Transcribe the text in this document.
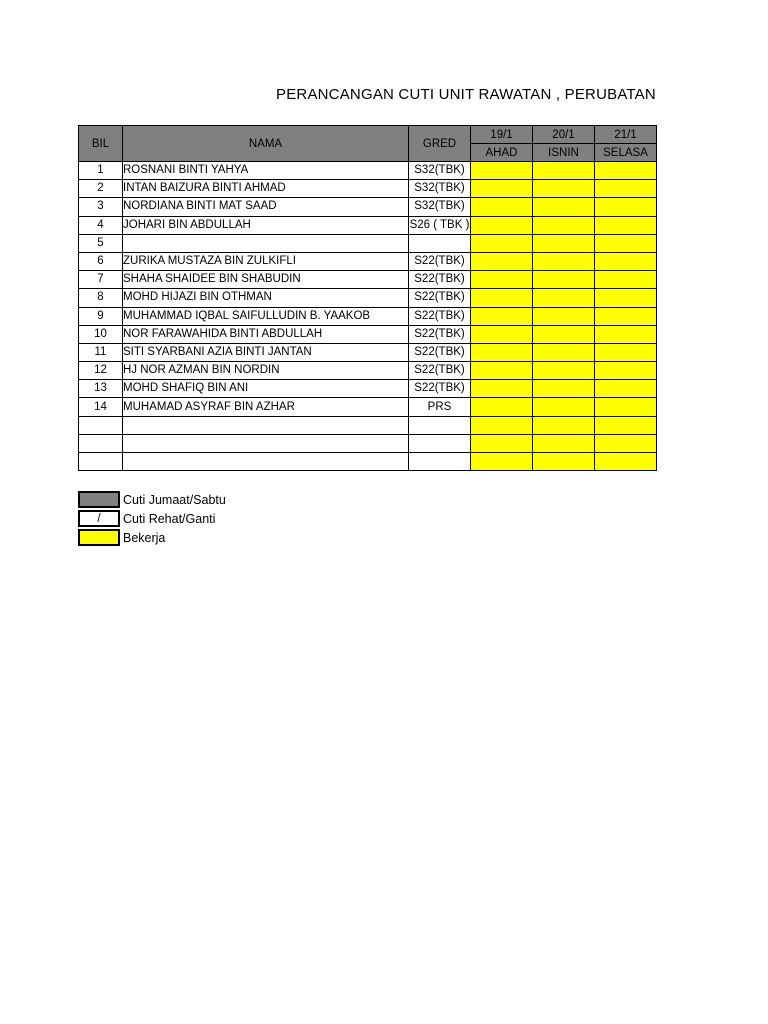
PERANCANGAN CUTI UNIT RAWATAN , PERUBATAN
BIL	NAMA	GRED	19/1	20/1	21/1
			AHAD	ISNIN	SELASA
1	ROSNANI BINTI YAHYA	S32(TBK)			
2	INTAN BAIZURA BINTI AHMAD	S32(TBK)			
3	NORDIANA BINTI MAT SAAD	S32(TBK)			
4	JOHARI BIN ABDULLAH	S26 ( TBK )			
5					
6	ZURIKA MUSTAZA BIN ZULKIFLI	S22(TBK)			
7	SHAHA SHAIDEE BIN SHABUDIN	S22(TBK)			
8	MOHD HIJAZI BIN OTHMAN	S22(TBK)			
9	MUHAMMAD IQBAL SAIFULLUDIN B. YAAKOB	S22(TBK)			
10	NOR FARAWAHIDA BINTI ABDULLAH	S22(TBK)			
11	SITI SYARBANI AZIA BINTI JANTAN	S22(TBK)			
12	HJ NOR AZMAN BIN NORDIN	S22(TBK)			
13	MOHD SHAFIQ BIN ANI	S22(TBK)			
14	MUHAMAD ASYRAF BIN AZHAR	PRS			

Cuti Jumaat/Sabtu
/	Cuti Rehat/Ganti
Bekerja
